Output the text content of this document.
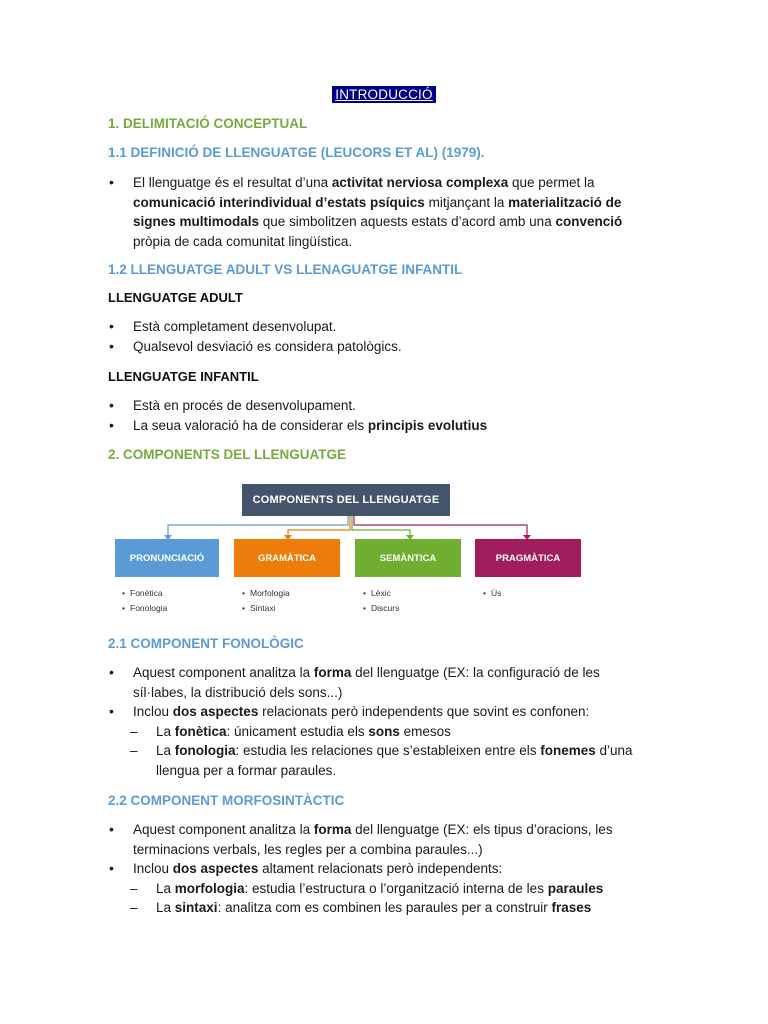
INTRODUCCIÓ
1. DELIMITACIÓ CONCEPTUAL
1.1 DEFINICIÓ DE LLENGUATGE (LEUCORS ET AL) (1979).
• El llenguatge és el resultat d’una activitat nerviosa complexa que permet la comunicació interindividual d’estats psíquics mitjançant la materialització de signes multimodals que simbolitzen aquests estats d’acord amb una convenció pròpia de cada comunitat lingüística.
1.2 LLENGUATGE ADULT VS LLENAGUATGE INFANTIL
LLENGUATGE ADULT
• Està completament desenvolupat.
• Qualsevol desviació es considera patològics.
LLENGUATGE INFANTIL
• Està en procés de desenvolupament.
• La seua valoració ha de considerar els principis evolutius
2. COMPONENTS DEL LLENGUATGE
COMPONENTS DEL LLENGUATGE
PRONUNCIACIÓ	GRAMÀTICA	SEMÀNTICA	PRAGMÀTICA
• Fonètica
• Fonologia
• Morfologia
• Sintaxi
• Lèxic
• Discurs
• Ús
2.1 COMPONENT FONOLÒGIC
• Aquest component analitza la forma del llenguatge (EX: la configuració de les síl·labes, la distribució dels sons...)
• Inclou dos aspectes relacionats però independents que sovint es confonen:
– La fonètica: únicament estudia els sons emesos
– La fonologia: estudia les relaciones que s’estableixen entre els fonemes d’una llengua per a formar paraules.
2.2 COMPONENT MORFOSINTÀCTIC
• Aquest component analitza la forma del llenguatge (EX: els tipus d’oracions, les terminacions verbals, les regles per a combina paraules...)
• Inclou dos aspectes altament relacionats però independents:
– La morfologia: estudia l’estructura o l’organització interna de les paraules
– La sintaxi: analitza com es combinen les paraules per a construir frases
